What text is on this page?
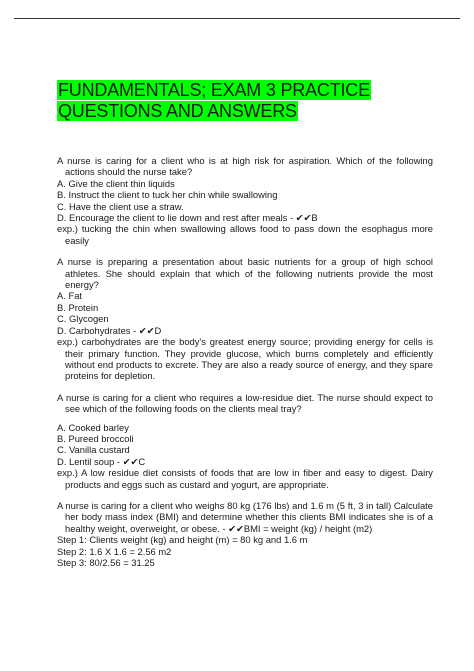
FUNDAMENTALS; EXAM 3 PRACTICE QUESTIONS AND ANSWERS

A nurse is caring for a client who is at high risk for aspiration. Which of the following actions should the nurse take?

A. Give the client thin liquids

B. Instruct the client to tuck her chin while swallowing

C. Have the client use a straw.

D. Encourage the client to lie down and rest after meals - ✔✔B

exp.) tucking the chin when swallowing allows food to pass down the esophagus more easily

A nurse is preparing a presentation about basic nutrients for a group of high school athletes. She should explain that which of the following nutrients provide the most energy?

A. Fat

B. Protein

C. Glycogen

D. Carbohydrates - ✔✔D

exp.) carbohydrates are the body's greatest energy source; providing energy for cells is their primary function. They provide glucose, which burns completely and efficiently without end products to excrete. They are also a ready source of energy, and they spare proteins for depletion.

A nurse is caring for a client who requires a low-residue diet. The nurse should expect to see which of the following foods on the clients meal tray?

A. Cooked barley

B. Pureed broccoli

C. Vanilla custard

D. Lentil soup - ✔✔C

exp.) A low residue diet consists of foods that are low in fiber and easy to digest. Dairy products and eggs such as custard and yogurt, are appropriate.

A nurse is caring for a client who weighs 80 kg (176 lbs) and 1.6 m (5 ft, 3 in tall) Calculate her body mass index (BMI) and determine whether this clients BMI indicates she is of a healthy weight, overweight, or obese. - ✔✔BMI = weight (kg) / height (m2)

Step 1: Clients weight (kg) and height (m) = 80 kg and 1.6 m

Step 2: 1.6 X 1.6 = 2.56 m2

Step 3: 80/2.56 = 31.25
